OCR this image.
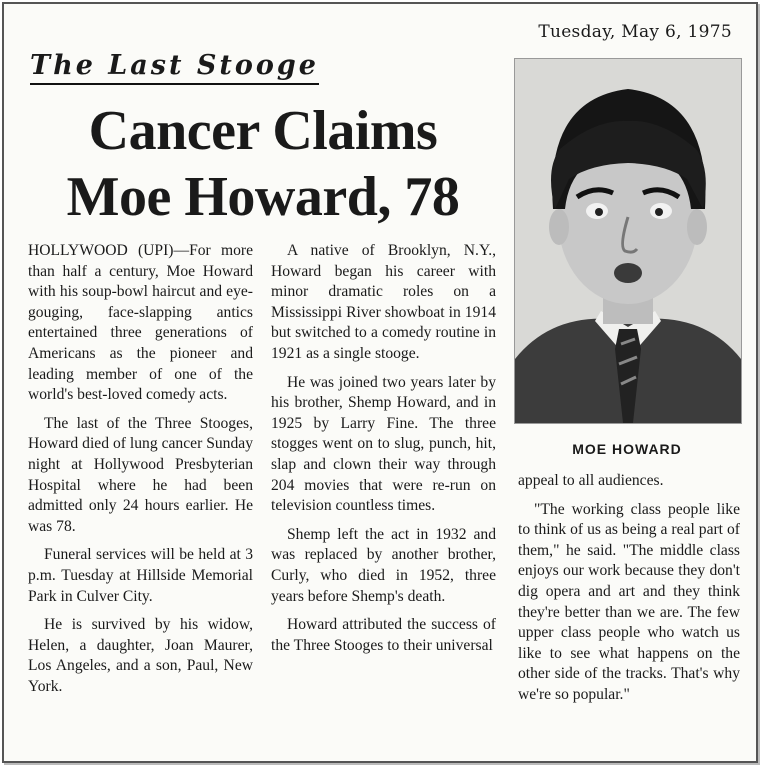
Tuesday, May 6, 1975
The Last Stooge
Cancer Claims
Moe Howard, 78

HOLLYWOOD (UPI)—For more than half a century, Moe Howard with his soup-bowl haircut and eye-gouging, face-slapping antics entertained three generations of Americans as the pioneer and leading member of one of the world's best-loved comedy acts.

The last of the Three Stooges, Howard died of lung cancer Sunday night at Hollywood Presbyterian Hospital where he had been admitted only 24 hours earlier. He was 78.

Funeral services will be held at 3 p.m. Tuesday at Hillside Memorial Park in Culver City.

He is survived by his widow, Helen, a daughter, Joan Maurer, Los Angeles, and a son, Paul, New York.

A native of Brooklyn, N.Y., Howard began his career with minor dramatic roles on a Mississippi River showboat in 1914 but switched to a comedy routine in 1921 as a single stooge.

He was joined two years later by his brother, Shemp Howard, and in 1925 by Larry Fine. The three stogges went on to slug, punch, hit, slap and clown their way through 204 movies that were re-run on television countless times.

Shemp left the act in 1932 and was replaced by another brother, Curly, who died in 1952, three years before Shemp's death.

Howard attributed the success of the Three Stooges to their universal

MOE HOWARD

appeal to all audiences.

"The working class people like to think of us as being a real part of them," he said. "The middle class enjoys our work because they don't dig opera and art and they think they're better than we are. The few upper class people who watch us like to see what happens on the other side of the tracks. That's why we're so popular."
